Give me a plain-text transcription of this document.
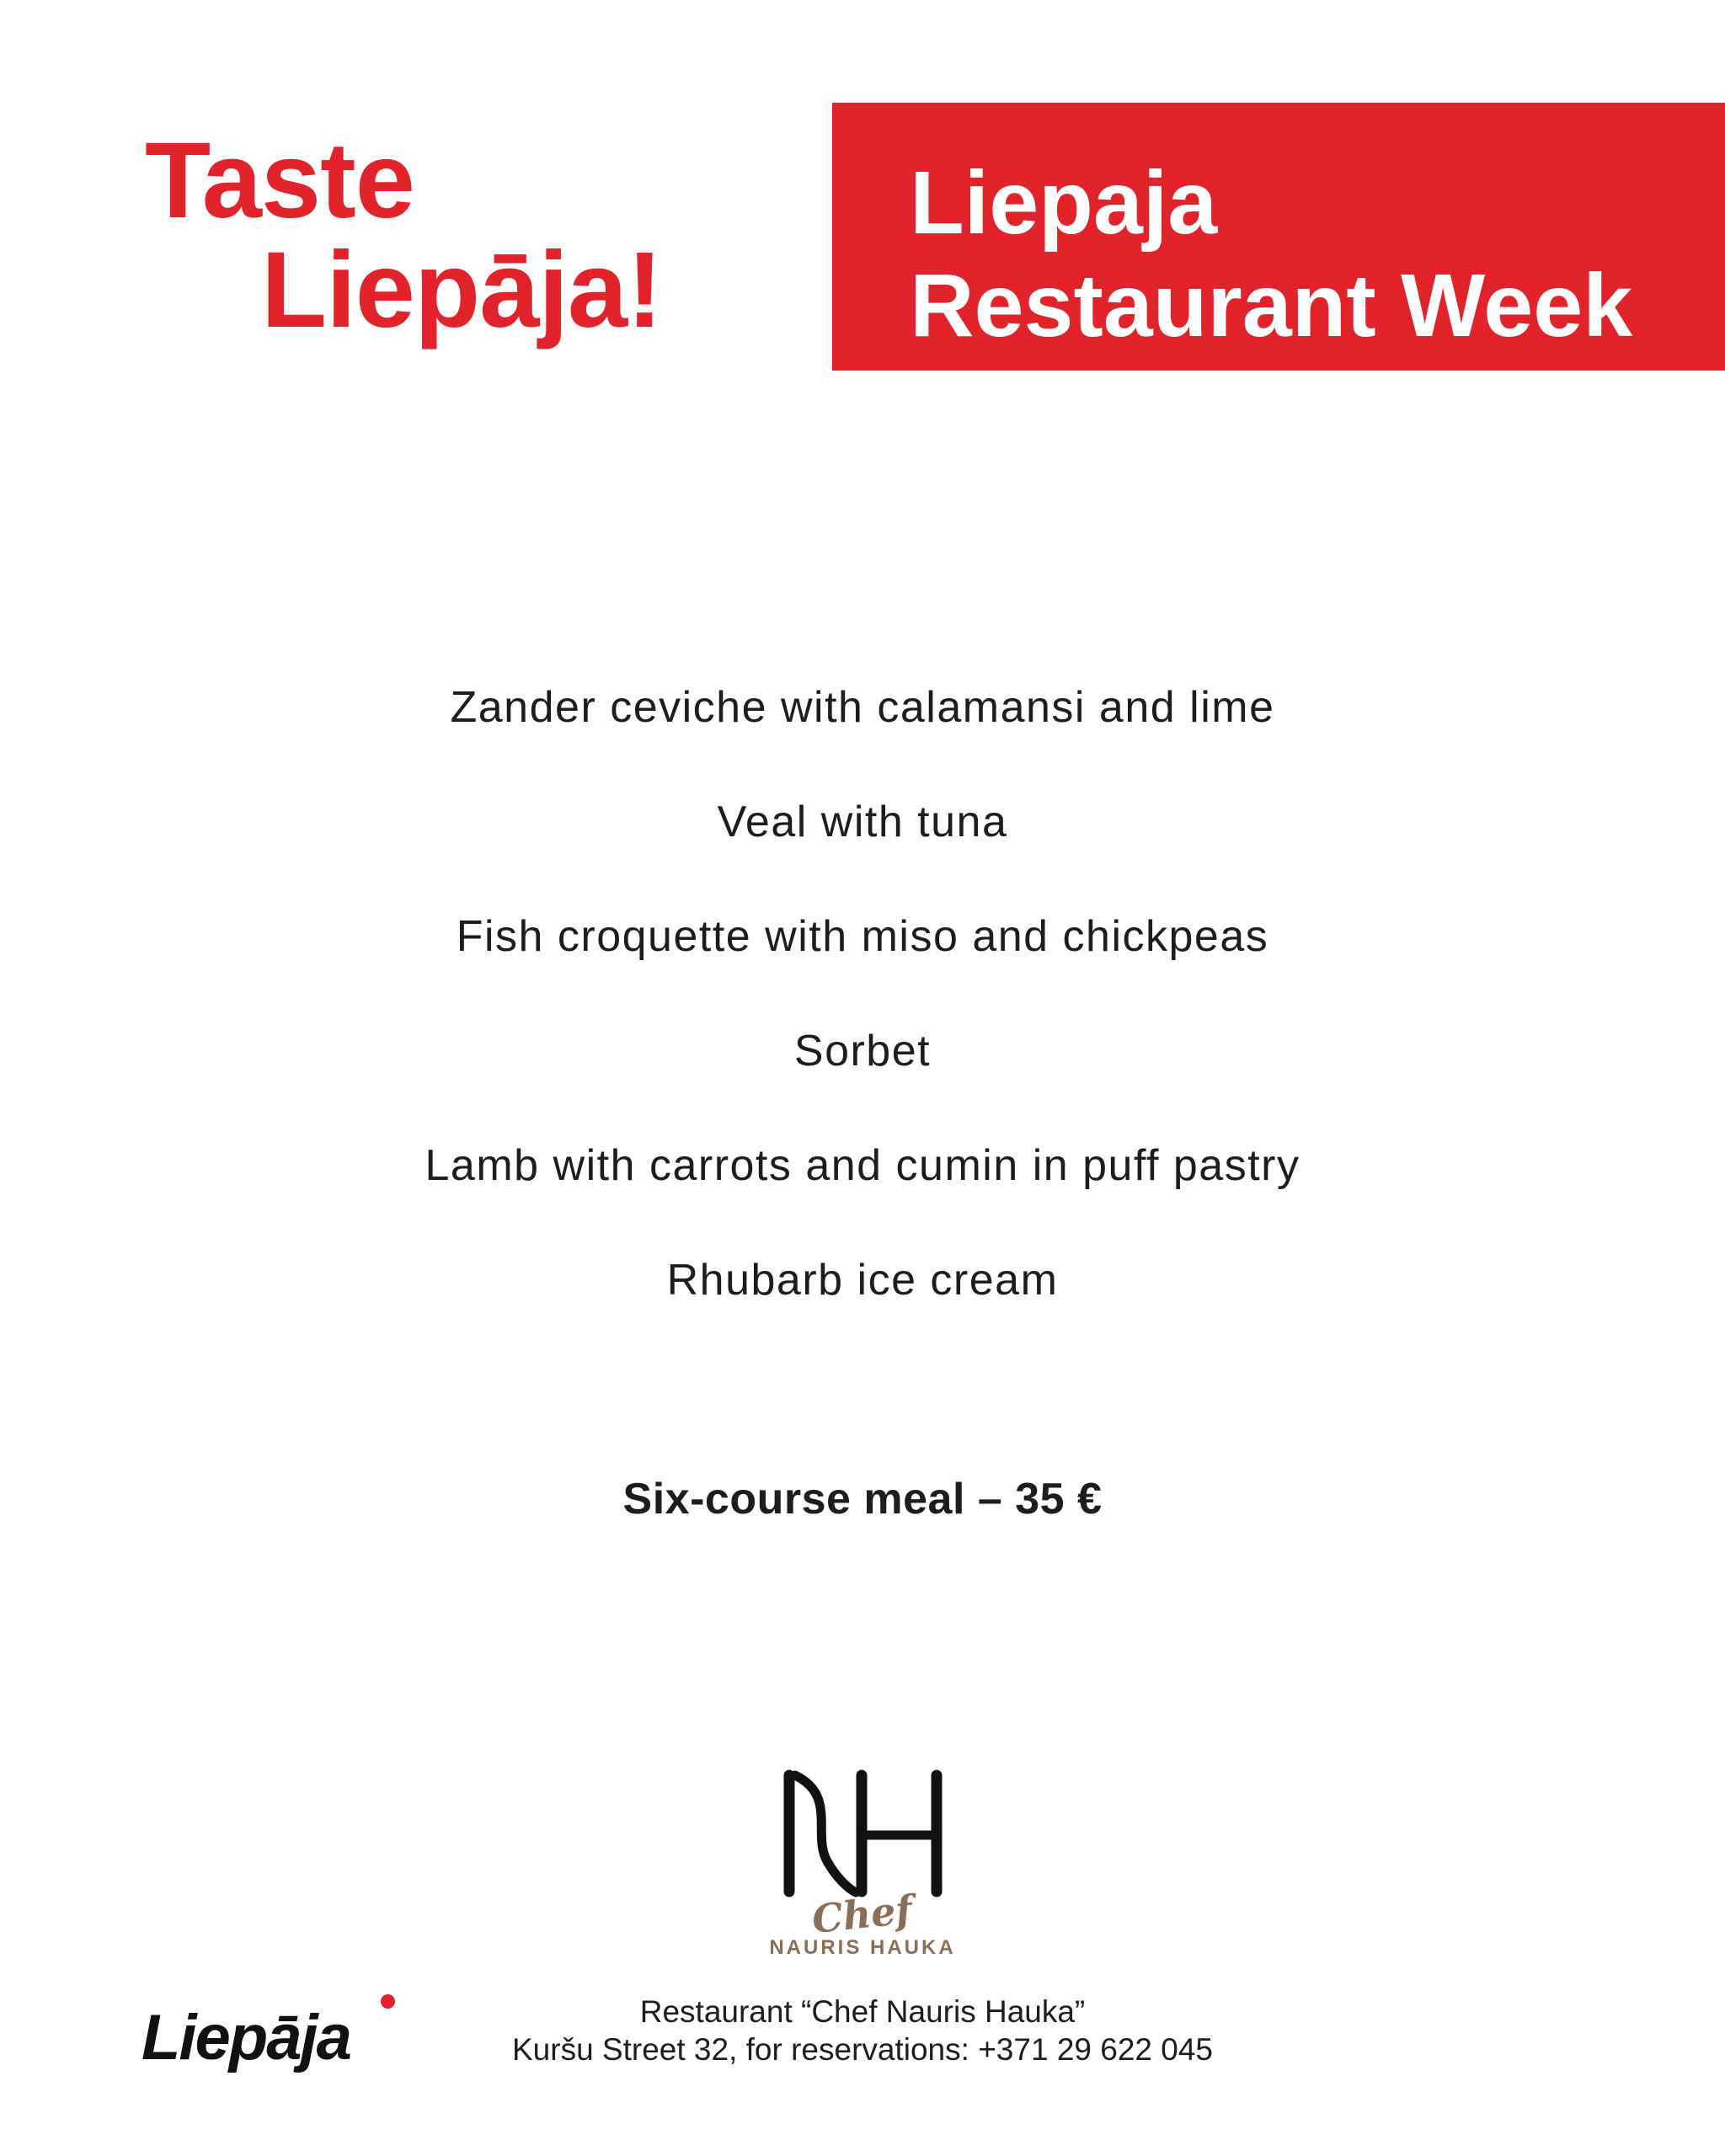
Taste
Liepāja!
Liepaja
Restaurant Week
Zander ceviche with calamansi and lime
Veal with tuna
Fish croquette with miso and chickpeas
Sorbet
Lamb with carrots and cumin in puff pastry
Rhubarb ice cream
Six-course meal – 35 €
Chef
NAURIS HAUKA
Liepāja	Restaurant “Chef Nauris Hauka”
Kuršu Street 32, for reservations: +371 29 622 045
